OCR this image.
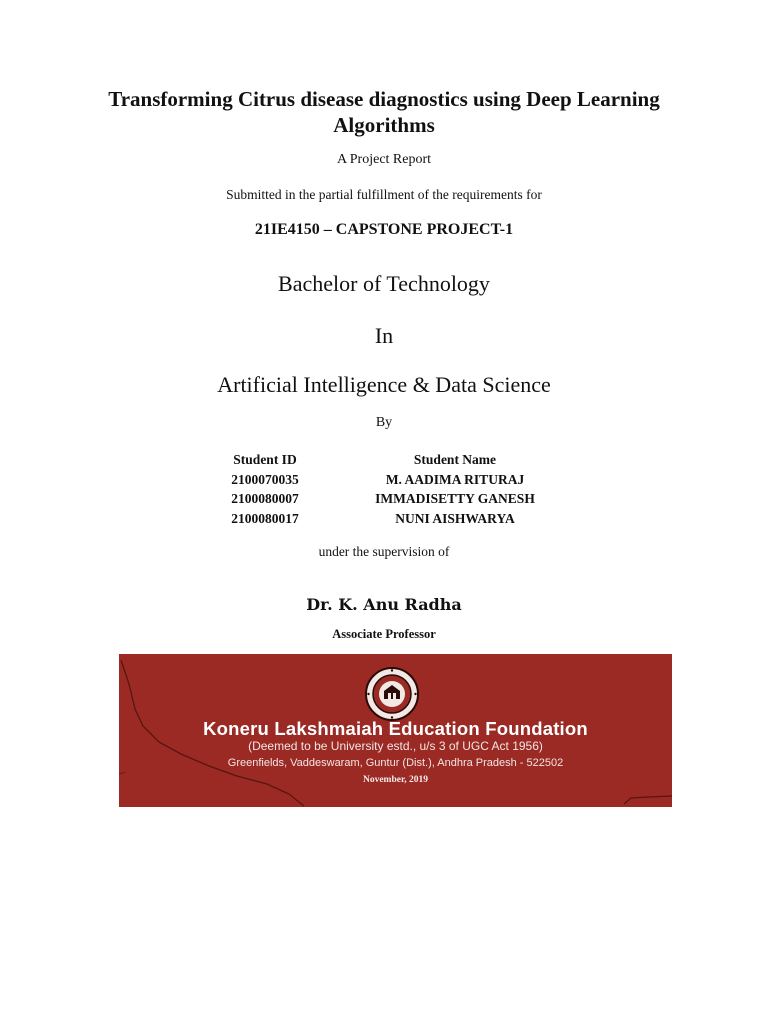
Transforming Citrus disease diagnostics using Deep Learning Algorithms
A Project Report
Submitted in the partial fulfillment of the requirements for
21IE4150 – CAPSTONE PROJECT-1
Bachelor of Technology
In
Artificial Intelligence & Data Science
By
Student ID	Student Name
2100070035	M. AADIMA RITURAJ
2100080007	IMMADISETTY GANESH
2100080017	NUNI AISHWARYA
under the supervision of
Dr. K. Anu Radha
Associate Professor
Koneru Lakshmaiah Education Foundation
(Deemed to be University estd., u/s 3 of UGC Act 1956)
Greenfields, Vaddeswaram, Guntur (Dist.), Andhra Pradesh - 522502
November, 2019
